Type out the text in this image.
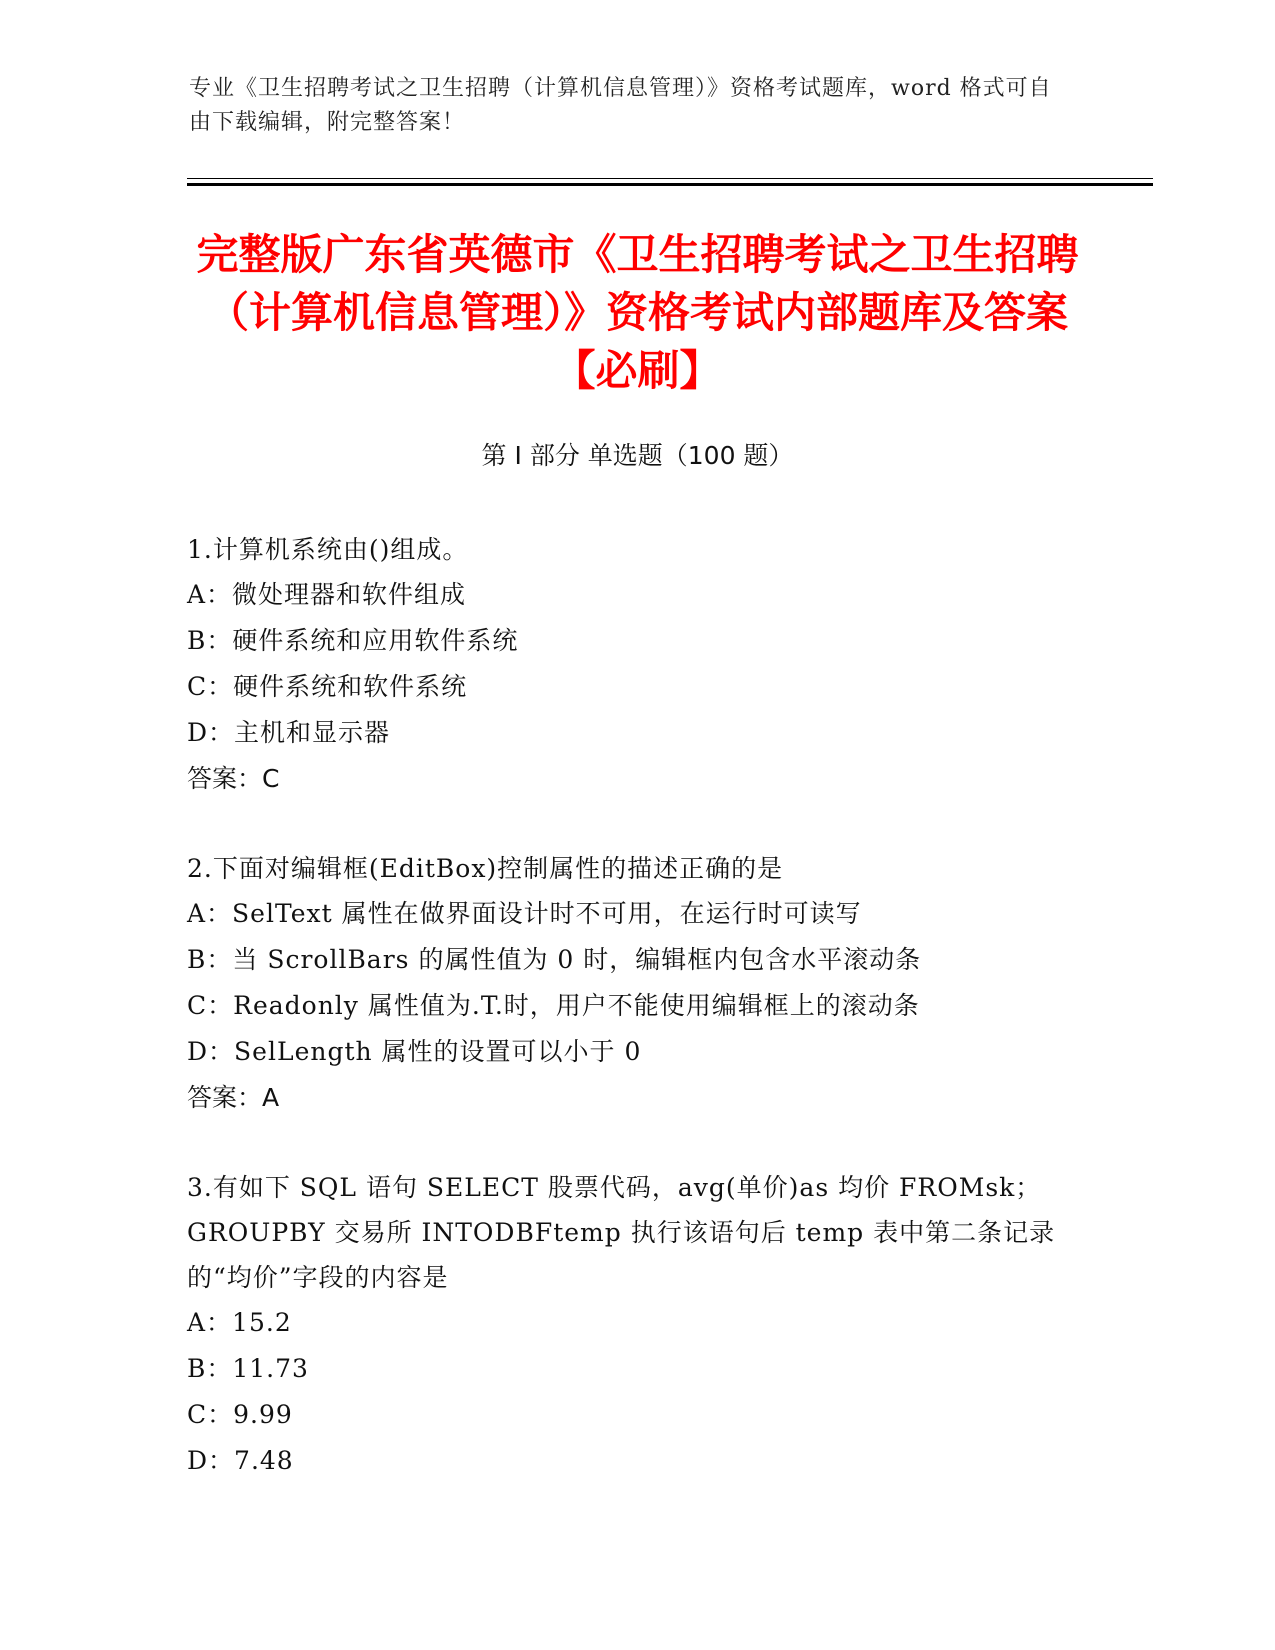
专业《卫生招聘考试之卫生招聘（计算机信息管理）》资格考试题库，word 格式可自由下载编辑，附完整答案！
完整版广东省英德市《卫生招聘考试之卫生招聘（计算机信息管理）》资格考试内部题库及答案【必刷】
第 I 部分 单选题（100 题）
1.计算机系统由()组成。
A：微处理器和软件组成
B：硬件系统和应用软件系统
C：硬件系统和软件系统
D：主机和显示器
答案：C
2.下面对编辑框(EditBox)控制属性的描述正确的是
A：SelText 属性在做界面设计时不可用，在运行时可读写
B：当 ScrollBars 的属性值为 0 时，编辑框内包含水平滚动条
C：Readonly 属性值为.T.时，用户不能使用编辑框上的滚动条
D：SelLength 属性的设置可以小于 0
答案：A
3.有如下 SQL 语句 SELECT 股票代码，avg(单价)as 均价 FROMsk；GROUPBY 交易所 INTODBFtemp 执行该语句后 temp 表中第二条记录的“均价”字段的内容是
A：15.2
B：11.73
C：9.99
D：7.48
